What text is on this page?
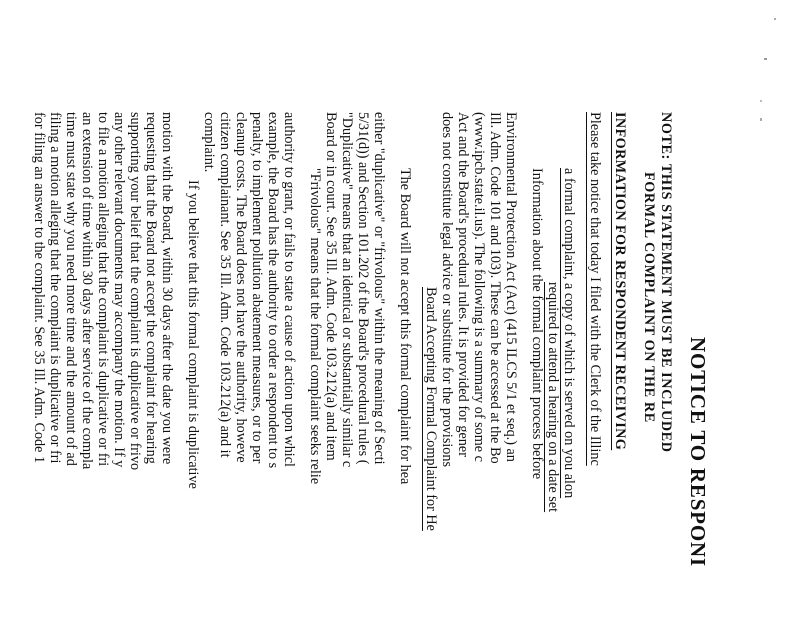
NOTICE TO RESPONI
NOTE: THIS STATEMENT MUST BE INCLUDED
FORMAL COMPLAINT ON THE RE
INFORMATION FOR RESPONDENT RECEIVING
Please take notice that today I filed with the Clerk of the Illinc
a formal complaint, a copy of which is served on you alon
required to attend a hearing on a date set
Information about the formal complaint process before
Environmental Protection Act (Act) (415 ILCS 5/1 et seq.) an
Ill. Adm. Code 101 and 103). These can be accessed at the Bo
(www.ipcb.state.il.us). The following is a summary of some c
Act and the Board's procedural rules. It is provided for gener
does not constitute legal advice or substitute for the provisions
Board Accepting Formal Complaint for He
The Board will not accept this formal complaint for hea
either "duplicative" or "frivolous" within the meaning of Secti
5/31(d)) and Section 101.202 of the Board's procedural rules (
"Duplicative" means that an identical or substantially similar c
Board or in court. See 35 Ill. Adm. Code 103.212(a) and item
"Frivolous" means that the formal complaint seeks relie
authority to grant, or fails to state a cause of action upon whicl
example, the Board has the authority to order a respondent to s
penalty, to implement pollution abatement measures, or to per
cleanup costs. The Board does not have the authority, howeve
citizen complainant. See 35 Ill. Adm. Code 103.212(a) and it
complaint.
If you believe that this formal complaint is duplicative
motion with the Board, within 30 days after the date you were
requesting that the Board not accept the complaint for hearing
supporting your belief that the complaint is duplicative or frivo
any other relevant documents may accompany the motion. If y
to file a motion alleging that the complaint is duplicative or fri
an extension of time within 30 days after service of the compla
time must state why you need more time and the amount of ad
filing a motion alleging that the complaint is duplicative or fri
for filing an answer to the complaint. See 35 Ill. Adm. Code 1
